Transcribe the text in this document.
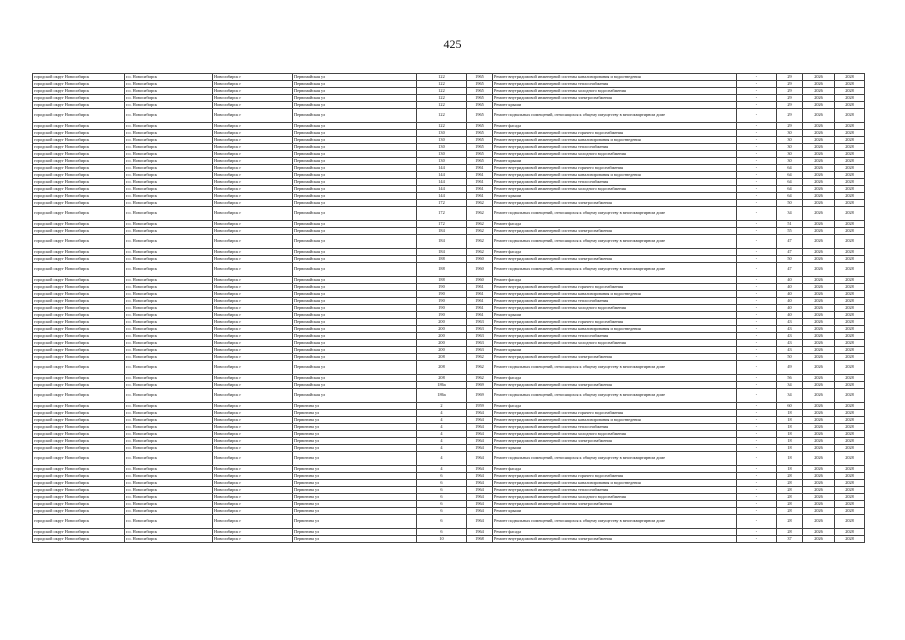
425
городской округ Новосибирск	г.о. Новосибирск	Новосибирск г	Первомайская ул	122	1965	Ремонт внутридомовой инженерной системы канализирования и водоотведения	-	29	2026	2028
городской округ Новосибирск	г.о. Новосибирск	Новосибирск г	Первомайская ул	122	1965	Ремонт внутридомовой инженерной системы теплоснабжения	-	29	2026	2028
городской округ Новосибирск	г.о. Новосибирск	Новосибирск г	Первомайская ул	122	1965	Ремонт внутридомовой инженерной системы холодного водоснабжения	-	29	2026	2028
городской округ Новосибирск	г.о. Новосибирск	Новосибирск г	Первомайская ул	122	1965	Ремонт внутридомовой инженерной системы электроснабжения	-	29	2026	2028
городской округ Новосибирск	г.о. Новосибирск	Новосибирск г	Первомайская ул	122	1965	Ремонт крыши	-	29	2026	2028
городской округ Новосибирск	г.о. Новосибирск	Новосибирск г	Первомайская ул	122	1965	Ремонт подвальных помещений, относящихся к общему имуществу в многоквартирном доме	-	29	2026	2028
городской округ Новосибирск	г.о. Новосибирск	Новосибирск г	Первомайская ул	122	1965	Ремонт фасада	-	29	2026	2028
городской округ Новосибирск	г.о. Новосибирск	Новосибирск г	Первомайская ул	130	1965	Ремонт внутридомовой инженерной системы горячего водоснабжения	-	30	2026	2028
городской округ Новосибирск	г.о. Новосибирск	Новосибирск г	Первомайская ул	130	1965	Ремонт внутридомовой инженерной системы канализирования и водоотведения	-	30	2026	2028
городской округ Новосибирск	г.о. Новосибирск	Новосибирск г	Первомайская ул	130	1965	Ремонт внутридомовой инженерной системы теплоснабжения	-	30	2026	2028
городской округ Новосибирск	г.о. Новосибирск	Новосибирск г	Первомайская ул	130	1965	Ремонт внутридомовой инженерной системы холодного водоснабжения	-	30	2026	2028
городской округ Новосибирск	г.о. Новосибирск	Новосибирск г	Первомайская ул	130	1965	Ремонт крыши	-	30	2026	2028
городской округ Новосибирск	г.о. Новосибирск	Новосибирск г	Первомайская ул	144	1961	Ремонт внутридомовой инженерной системы горячего водоснабжения	-	64	2026	2028
городской округ Новосибирск	г.о. Новосибирск	Новосибирск г	Первомайская ул	144	1961	Ремонт внутридомовой инженерной системы канализирования и водоотведения	-	64	2026	2028
городской округ Новосибирск	г.о. Новосибирск	Новосибирск г	Первомайская ул	144	1961	Ремонт внутридомовой инженерной системы теплоснабжения	-	64	2026	2028
городской округ Новосибирск	г.о. Новосибирск	Новосибирск г	Первомайская ул	144	1961	Ремонт внутридомовой инженерной системы холодного водоснабжения	-	64	2026	2028
городской округ Новосибирск	г.о. Новосибирск	Новосибирск г	Первомайская ул	144	1961	Ремонт крыши	-	64	2026	2028
городской округ Новосибирск	г.о. Новосибирск	Новосибирск г	Первомайская ул	172	1962	Ремонт внутридомовой инженерной системы электроснабжения	-	50	2026	2028
городской округ Новосибирск	г.о. Новосибирск	Новосибирск г	Первомайская ул	172	1962	Ремонт подвальных помещений, относящихся к общему имуществу в многоквартирном доме	-	34	2026	2028
городской округ Новосибирск	г.о. Новосибирск	Новосибирск г	Первомайская ул	172	1962	Ремонт фасада	-	51	2026	2028
городской округ Новосибирск	г.о. Новосибирск	Новосибирск г	Первомайская ул	184	1962	Ремонт внутридомовой инженерной системы электроснабжения	-	55	2026	2028
городской округ Новосибирск	г.о. Новосибирск	Новосибирск г	Первомайская ул	184	1962	Ремонт подвальных помещений, относящихся к общему имуществу в многоквартирном доме	-	47	2026	2028
городской округ Новосибирск	г.о. Новосибирск	Новосибирск г	Первомайская ул	184	1962	Ремонт фасада	-	47	2026	2028
городской округ Новосибирск	г.о. Новосибирск	Новосибирск г	Первомайская ул	188	1960	Ремонт внутридомовой инженерной системы электроснабжения	-	50	2026	2028
городской округ Новосибирск	г.о. Новосибирск	Новосибирск г	Первомайская ул	188	1960	Ремонт подвальных помещений, относящихся к общему имуществу в многоквартирном доме	-	47	2026	2028
городской округ Новосибирск	г.о. Новосибирск	Новосибирск г	Первомайская ул	188	1960	Ремонт фасада	-	40	2026	2028
городской округ Новосибирск	г.о. Новосибирск	Новосибирск г	Первомайская ул	190	1961	Ремонт внутридомовой инженерной системы горячего водоснабжения	-	40	2026	2028
городской округ Новосибирск	г.о. Новосибирск	Новосибирск г	Первомайская ул	190	1961	Ремонт внутридомовой инженерной системы канализирования и водоотведения	-	40	2026	2028
городской округ Новосибирск	г.о. Новосибирск	Новосибирск г	Первомайская ул	190	1961	Ремонт внутридомовой инженерной системы теплоснабжения	-	40	2026	2028
городской округ Новосибирск	г.о. Новосибирск	Новосибирск г	Первомайская ул	190	1961	Ремонт внутридомовой инженерной системы холодного водоснабжения	-	40	2026	2028
городской округ Новосибирск	г.о. Новосибирск	Новосибирск г	Первомайская ул	190	1961	Ремонт крыши	-	40	2026	2028
городской округ Новосибирск	г.о. Новосибирск	Новосибирск г	Первомайская ул	200	1963	Ремонт внутридомовой инженерной системы горячего водоснабжения	-	43	2026	2028
городской округ Новосибирск	г.о. Новосибирск	Новосибирск г	Первомайская ул	200	1963	Ремонт внутридомовой инженерной системы канализирования и водоотведения	-	43	2026	2028
городской округ Новосибирск	г.о. Новосибирск	Новосибирск г	Первомайская ул	200	1963	Ремонт внутридомовой инженерной системы теплоснабжения	-	43	2026	2028
городской округ Новосибирск	г.о. Новосибирск	Новосибирск г	Первомайская ул	200	1963	Ремонт внутридомовой инженерной системы холодного водоснабжения	-	43	2026	2028
городской округ Новосибирск	г.о. Новосибирск	Новосибирск г	Первомайская ул	200	1963	Ремонт крыши	-	43	2026	2028
городской округ Новосибирск	г.о. Новосибирск	Новосибирск г	Первомайская ул	208	1962	Ремонт внутридомовой инженерной системы электроснабжения	-	50	2026	2028
городской округ Новосибирск	г.о. Новосибирск	Новосибирск г	Первомайская ул	208	1962	Ремонт подвальных помещений, относящихся к общему имуществу в многоквартирном доме	-	49	2026	2028
городской округ Новосибирск	г.о. Новосибирск	Новосибирск г	Первомайская ул	208	1962	Ремонт фасада	-	56	2026	2028
городской округ Новосибирск	г.о. Новосибирск	Новосибирск г	Первомайская ул	186а	1969	Ремонт внутридомовой инженерной системы электроснабжения	-	34	2026	2028
городской округ Новосибирск	г.о. Новосибирск	Новосибирск г	Первомайская ул	186а	1969	Ремонт подвальных помещений, относящихся к общему имуществу в многоквартирном доме	-	34	2026	2028
городской округ Новосибирск	г.о. Новосибирск	Новосибирск г	Первитина ул	2	1959	Ремонт фасада	-	60	2026	2028
городской округ Новосибирск	г.о. Новосибирск	Новосибирск г	Первитина ул	4	1964	Ремонт внутридомовой инженерной системы горячего водоснабжения	-	18	2026	2028
городской округ Новосибирск	г.о. Новосибирск	Новосибирск г	Первитина ул	4	1964	Ремонт внутридомовой инженерной системы канализирования и водоотведения	-	18	2026	2028
городской округ Новосибирск	г.о. Новосибирск	Новосибирск г	Первитина ул	4	1964	Ремонт внутридомовой инженерной системы теплоснабжения	-	18	2026	2028
городской округ Новосибирск	г.о. Новосибирск	Новосибирск г	Первитина ул	4	1964	Ремонт внутридомовой инженерной системы холодного водоснабжения	-	18	2026	2028
городской округ Новосибирск	г.о. Новосибирск	Новосибирск г	Первитина ул	4	1964	Ремонт внутридомовой инженерной системы электроснабжения	-	18	2026	2028
городской округ Новосибирск	г.о. Новосибирск	Новосибирск г	Первитина ул	4	1964	Ремонт крыши	-	18	2026	2028
городской округ Новосибирск	г.о. Новосибирск	Новосибирск г	Первитина ул	4	1964	Ремонт подвальных помещений, относящихся к общему имуществу в многоквартирном доме	-	18	2026	2028
городской округ Новосибирск	г.о. Новосибирск	Новосибирск г	Первитина ул	4	1964	Ремонт фасада	-	18	2026	2028
городской округ Новосибирск	г.о. Новосибирск	Новосибирск г	Первитина ул	6	1964	Ремонт внутридомовой инженерной системы горячего водоснабжения	-	28	2026	2028
городской округ Новосибирск	г.о. Новосибирск	Новосибирск г	Первитина ул	6	1964	Ремонт внутридомовой инженерной системы канализирования и водоотведения	-	28	2026	2028
городской округ Новосибирск	г.о. Новосибирск	Новосибирск г	Первитина ул	6	1964	Ремонт внутридомовой инженерной системы теплоснабжения	-	28	2026	2028
городской округ Новосибирск	г.о. Новосибирск	Новосибирск г	Первитина ул	6	1964	Ремонт внутридомовой инженерной системы холодного водоснабжения	-	28	2026	2028
городской округ Новосибирск	г.о. Новосибирск	Новосибирск г	Первитина ул	6	1964	Ремонт внутридомовой инженерной системы электроснабжения	-	28	2026	2028
городской округ Новосибирск	г.о. Новосибирск	Новосибирск г	Первитина ул	6	1964	Ремонт крыши	-	28	2026	2028
городской округ Новосибирск	г.о. Новосибирск	Новосибирск г	Первитина ул	6	1964	Ремонт подвальных помещений, относящихся к общему имуществу в многоквартирном доме	-	28	2026	2028
городской округ Новосибирск	г.о. Новосибирск	Новосибирск г	Первитина ул	6	1964	Ремонт фасада	-	28	2026	2028
городской округ Новосибирск	г.о. Новосибирск	Новосибирск г	Первитина ул	10	1968	Ремонт внутридомовой инженерной системы электроснабжения	-	37	2026	2028
